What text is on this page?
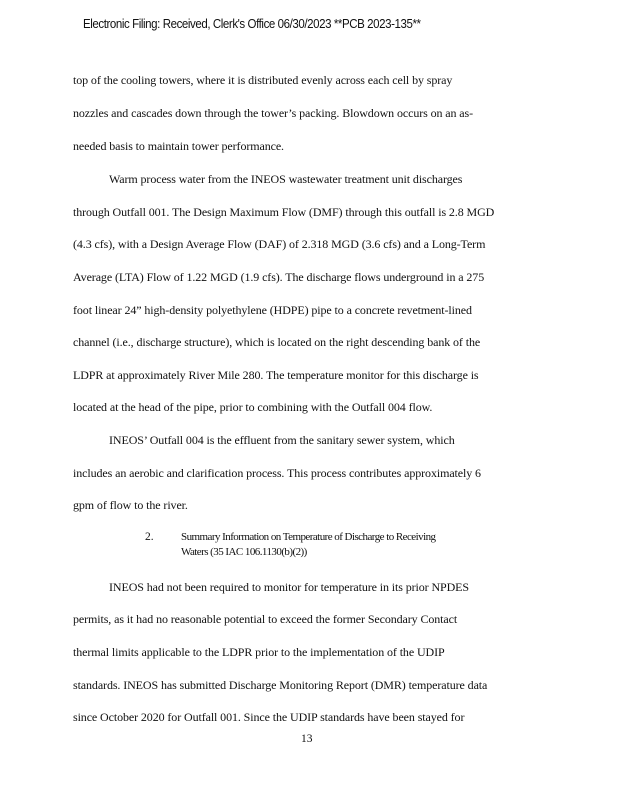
Electronic Filing: Received, Clerk's Office 06/30/2023 **PCB 2023-135**
top of the cooling towers, where it is distributed evenly across each cell by spray
nozzles and cascades down through the tower’s packing. Blowdown occurs on an as-
needed basis to maintain tower performance.
Warm process water from the INEOS wastewater treatment unit discharges
through Outfall 001. The Design Maximum Flow (DMF) through this outfall is 2.8 MGD
(4.3 cfs), with a Design Average Flow (DAF) of 2.318 MGD (3.6 cfs) and a Long-Term
Average (LTA) Flow of 1.22 MGD (1.9 cfs). The discharge flows underground in a 275
foot linear 24” high-density polyethylene (HDPE) pipe to a concrete revetment-lined
channel (i.e., discharge structure), which is located on the right descending bank of the
LDPR at approximately River Mile 280. The temperature monitor for this discharge is
located at the head of the pipe, prior to combining with the Outfall 004 flow.
INEOS’ Outfall 004 is the effluent from the sanitary sewer system, which
includes an aerobic and clarification process. This process contributes approximately 6
gpm of flow to the river.
2. Summary Information on Temperature of Discharge to Receiving
Waters (35 IAC 106.1130(b)(2))
INEOS had not been required to monitor for temperature in its prior NPDES
permits, as it had no reasonable potential to exceed the former Secondary Contact
thermal limits applicable to the LDPR prior to the implementation of the UDIP
standards. INEOS has submitted Discharge Monitoring Report (DMR) temperature data
since October 2020 for Outfall 001. Since the UDIP standards have been stayed for
13
